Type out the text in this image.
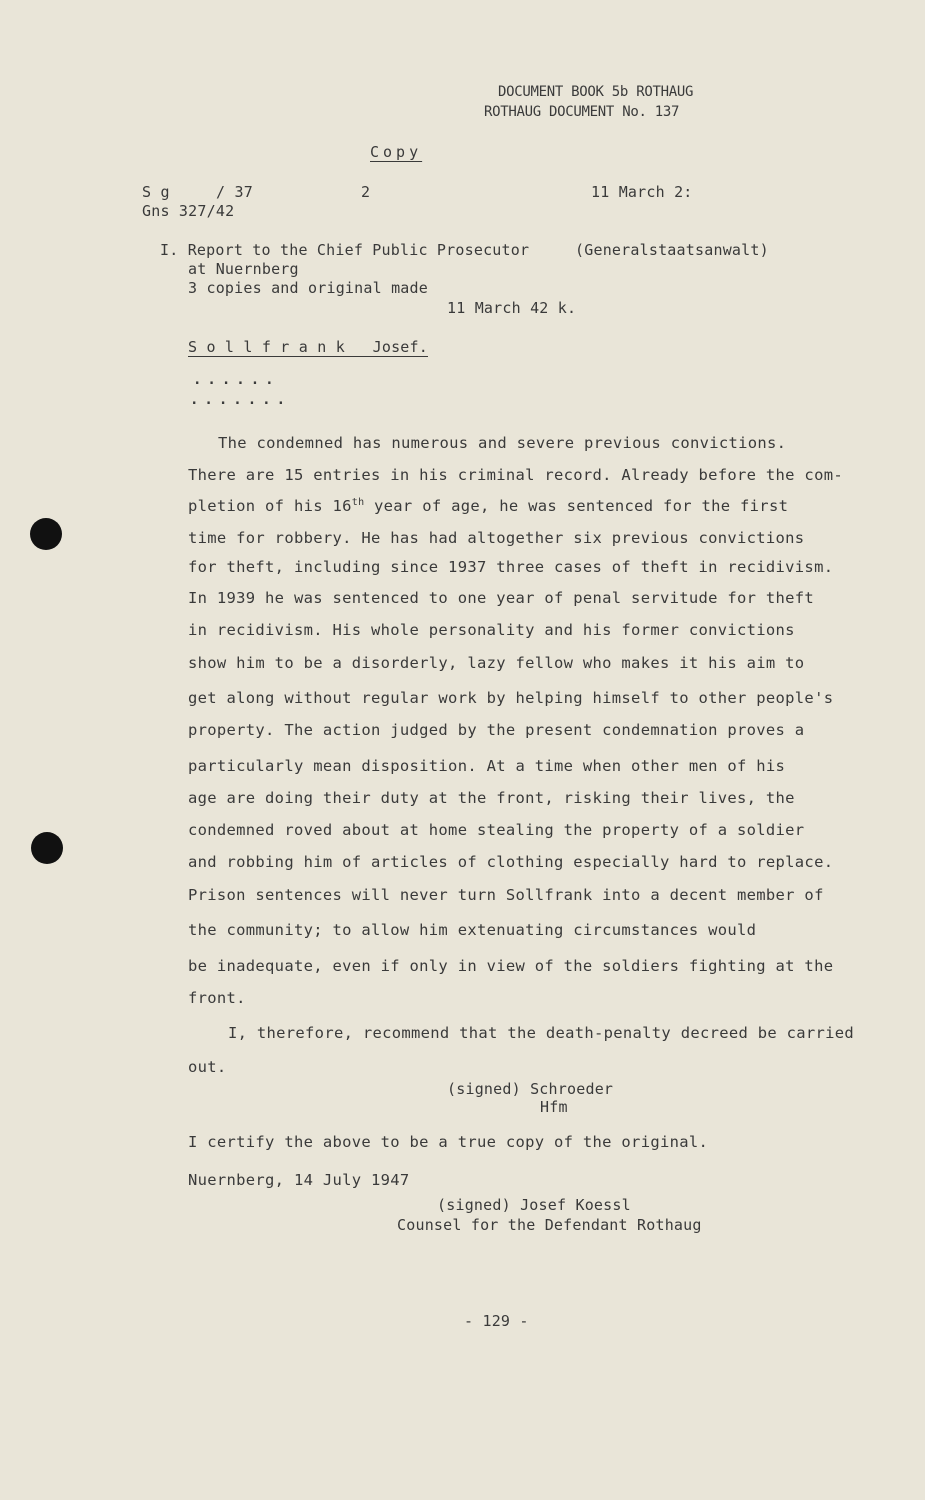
DOCUMENT BOOK 5b ROTHAUG
ROTHAUG DOCUMENT No. 137
Copy
S g	/ 37
Gns 327/42
2	11 March 2:
I. Report to the Chief Public Prosecutor	(Generalstaatsanwalt)
at Nuernberg
3 copies and original made
11 March 42 k.
S o l l f r a n k   Josef.
......
.......
The condemned has numerous and severe previous convictions.
There are 15 entries in his criminal record. Already before the com-
pletion of his 16th year of age, he was sentenced for the first
time for robbery. He has had altogether six previous convictions
for theft, including since 1937 three cases of theft in recidivism.
In 1939 he was sentenced to one year of penal servitude for theft
in recidivism. His whole personality and his former convictions
show him to be a disorderly, lazy fellow who makes it his aim to
get along without regular work by helping himself to other people's
property. The action judged by the present condemnation proves a
particularly mean disposition. At a time when other men of his
age are doing their duty at the front, risking their lives, the
condemned roved about at home stealing the property of a soldier
and robbing him of articles of clothing especially hard to replace.
Prison sentences will never turn Sollfrank into a decent member of
the community; to allow him extenuating circumstances would
be inadequate, even if only in view of the soldiers fighting at the
front.
I, therefore, recommend that the death-penalty decreed be carried
out.
(signed) Schroeder
Hfm
I certify the above to be a true copy of the original.
Nuernberg, 14 July 1947
(signed) Josef Koessl
Counsel for the Defendant Rothaug
- 129 -
